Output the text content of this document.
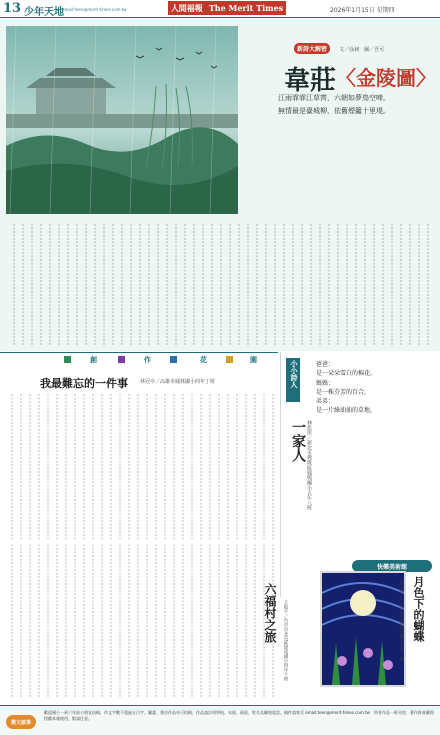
13 少年天地
email:teen@merit-times.com.tw	人間福報 The Merit Times	2026年1月15日 星期四
新詩大解密 文／涂昶　圖／吾可
韋莊 〈金陵圖〉
江雨霏霏江草齊，六朝如夢鳥空啼。
無情最是臺城柳，依舊煙籠十里堤。
創	作	花	園
我最難忘的一件事 林冠亭／高雄市鳳林國小四年丁班	小小詩人
一家人 林思彤／新北市鶯歌區鳳鳴國小五年八班
爸爸：
是一朵朵雪白的棉花，
媽媽：
是一株芬芳的百合，
弟弟：
是一片綠油油的草地，
快樂美術館
月色下的蝴蝶
莫子棋／台中市北屯區建成國小五年二班
六福村之旅	王振宇／台中市北屯區建成國小四年十班
徵文啟事
歡迎國小一到六年級小朋友投稿，作文字數不超過五百字。圖畫、書法作品亦可投稿，作品請註明學校、年級、班級、姓名及聯絡電話。稿件請寄至 email:teen@merit-times.com.tw　所有作品一經刊登，著作財產權即授權本報使用，敬請注意。
